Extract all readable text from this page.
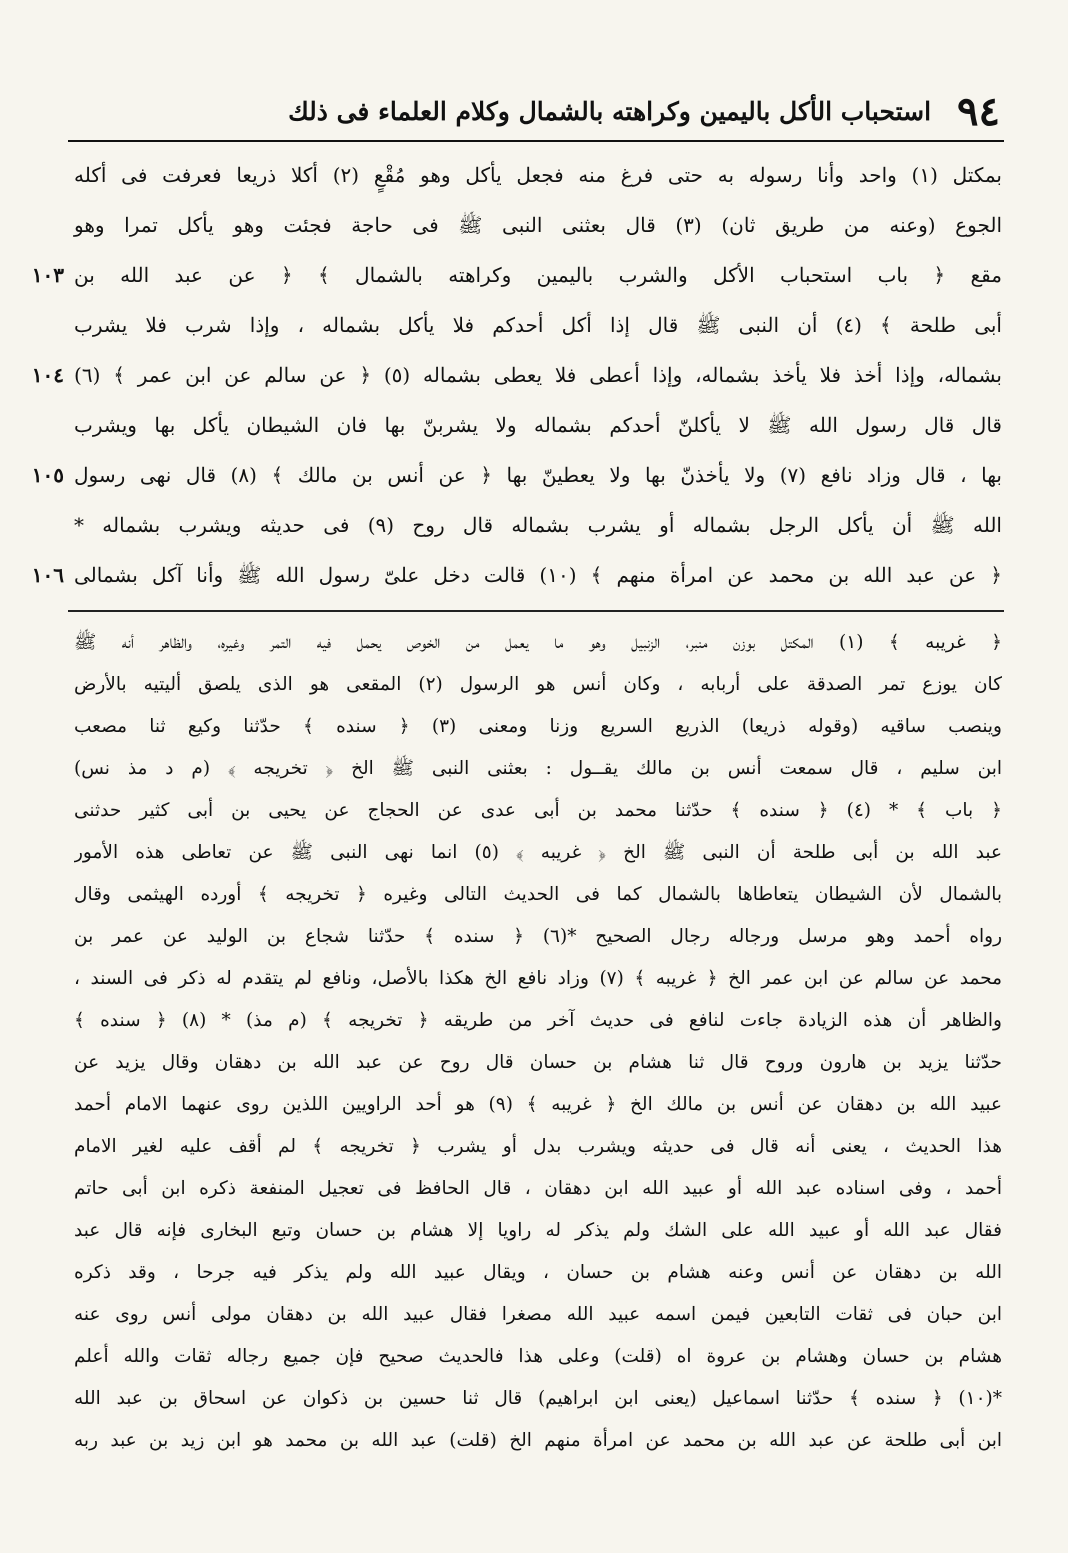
٩٤
استحباب الأكل باليمين وكراهته بالشمال وكلام العلماء فى ذلك
بمكتل (١) واحد وأنا رسوله به حتى فرغ منه فجعل يأكل وهو مُقْعٍ (٢) أكلا ذريعا فعرفت فى أكله
الجوع (وعنه من طريق ثان) (٣) قال بعثنى النبى ﷺ فى حاجة فجئت وهو يأكل تمرا وهو
١٠٣ مقع ﴿ باب استحباب الأكل والشرب باليمين وكراهته بالشمال ﴾ ﴿ عن عبد الله بن
أبى طلحة ﴾ (٤) أن النبى ﷺ قال إذا أكل أحدكم فلا يأكل بشماله ، وإذا شرب فلا يشرب
١٠٤ بشماله، وإذا أخذ فلا يأخذ بشماله، وإذا أعطى فلا يعطى بشماله (٥) ﴿ عن سالم عن ابن عمر ﴾ (٦)
قال قال رسول الله ﷺ لا يأكلنّ أحدكم بشماله ولا يشربنّ بها فان الشيطان يأكل بها ويشرب
١٠٥ بها ، قال وزاد نافع (٧) ولا يأخذنّ بها ولا يعطينّ بها ﴿ عن أنس بن مالك ﴾ (٨) قال نهى رسول
الله ﷺ أن يأكل الرجل بشماله أو يشرب بشماله قال روح (٩) فى حديثه ويشرب بشماله *
١٠٦ ﴿ عن عبد الله بن محمد عن امرأة منهم ﴾ (١٠) قالت دخل علىّ رسول الله ﷺ وأنا آكل بشمالى
﴿ غريبه ﴾ (١) المكتل بوزن منبر، الزنبيل وهو ما يعمل من الخوص يحمل فيه التمر وغيره، والظاهر أنه ﷺ
كان يوزع تمر الصدقة على أربابه ، وكان أنس هو الرسول (٢) المقعى هو الذى يلصق أليتيه بالأرض
وينصب ساقيه (وقوله ذريعا) الذريع السريع وزنا ومعنى (٣) ﴿ سنده ﴾ حدّثنا وكيع ثنا مصعب
ابن سليم ، قال سمعت أنس بن مالك يقــول : بعثنى النبى ﷺ الخ ﴿ تخريجه ﴾ (م د مذ نس)
﴿ باب ﴾ * (٤) ﴿ سنده ﴾ حدّثنا محمد بن أبى عدى عن الحجاج عن يحيى بن أبى كثير حدثنى
عبد الله بن أبى طلحة أن النبى ﷺ الخ ﴿ غريبه ﴾ (٥) انما نهى النبى ﷺ عن تعاطى هذه الأمور
بالشمال لأن الشيطان يتعاطاها بالشمال كما فى الحديث التالى وغيره ﴿ تخريجه ﴾ أورده الهيثمى وقال
رواه أحمد وهو مرسل ورجاله رجال الصحيح *(٦) ﴿ سنده ﴾ حدّثنا شجاع بن الوليد عن عمر بن
محمد عن سالم عن ابن عمر الخ ﴿ غريبه ﴾ (٧) وزاد نافع الخ هكذا بالأصل، ونافع لم يتقدم له ذكر فى السند ،
والظاهر أن هذه الزيادة جاءت لنافع فى حديث آخر من طريقه ﴿ تخريجه ﴾ (م مذ) * (٨) ﴿ سنده ﴾
حدّثنا يزيد بن هارون وروح قال ثنا هشام بن حسان قال روح عن عبد الله بن دهقان وقال يزيد عن
عبيد الله بن دهقان عن أنس بن مالك الخ ﴿ غريبه ﴾ (٩) هو أحد الراويين اللذين روى عنهما الامام أحمد
هذا الحديث ، يعنى أنه قال فى حديثه ويشرب بدل أو يشرب ﴿ تخريجه ﴾ لم أقف عليه لغير الامام
أحمد ، وفى اسناده عبد الله أو عبيد الله ابن دهقان ، قال الحافظ فى تعجيل المنفعة ذكره ابن أبى حاتم
فقال عبد الله أو عبيد الله على الشك ولم يذكر له راويا إلا هشام بن حسان وتبع البخارى فإنه قال عبد
الله بن دهقان عن أنس وعنه هشام بن حسان ، ويقال عبيد الله ولم يذكر فيه جرحا ، وقد ذكره
ابن حبان فى ثقات التابعين فيمن اسمه عبيد الله مصغرا فقال عبيد الله بن دهقان مولى أنس روى عنه
هشام بن حسان وهشام بن عروة اه (قلت) وعلى هذا فالحديث صحيح فإن جميع رجاله ثقات والله أعلم
*(١٠) ﴿ سنده ﴾ حدّثنا اسماعيل (يعنى ابن ابراهيم) قال ثنا حسين بن ذكوان عن اسحاق بن عبد الله
ابن أبى طلحة عن عبد الله بن محمد عن امرأة منهم الخ (قلت) عبد الله بن محمد هو ابن زيد بن عبد ربه
